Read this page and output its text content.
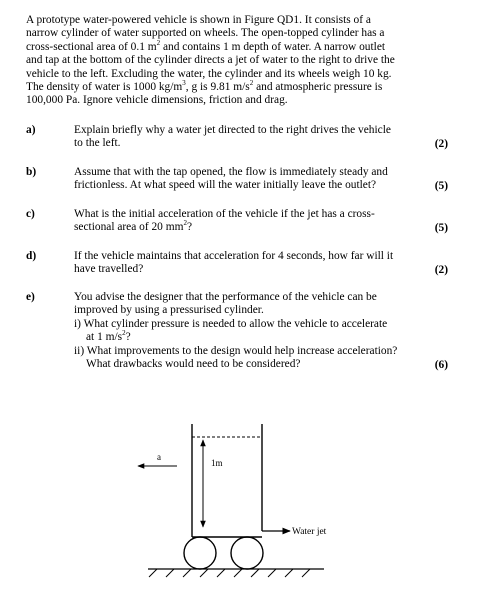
A prototype water-powered vehicle is shown in Figure QD1. It consists of a

narrow cylinder of water supported on wheels. The open-topped cylinder has a

cross-sectional area of 0.1 $m^2$ and contains 1 m depth of water. A narrow outlet

and tap at the bottom of the cylinder directs a jet of water to the right to drive the

vehicle to the left. Excluding the water, the cylinder and its wheels weigh 10 kg.

The density of water is 1000 $kg/m^3$, g is 9.81 $m/s^2$ and atmospheric pressure is

100,000 Pa. Ignore vehicle dimensions, friction and drag.

a)	Explain briefly why a water jet directed to the right drives the vehicle

to the left.	(2)
b)	Assume that with the tap opened, the flow is immediately steady and

frictionless. At what speed will the water initially leave the outlet?	(5)
c)	What is the initial acceleration of the vehicle if the jet has a cross-

sectional area of 20 $mm^2$?	(5)
d)	If the vehicle maintains that acceleration for 4 seconds, how far will it

have travelled?	(2)
e)	You advise the designer that the performance of the vehicle can be

improved by using a pressurised cylinder.

i) What cylinder pressure is needed to allow the vehicle to accelerate

at 1 $m/s^2$?

ii) What improvements to the design would help increase acceleration?

What drawbacks would need to be considered?	(6)
1m
a
Water jet
